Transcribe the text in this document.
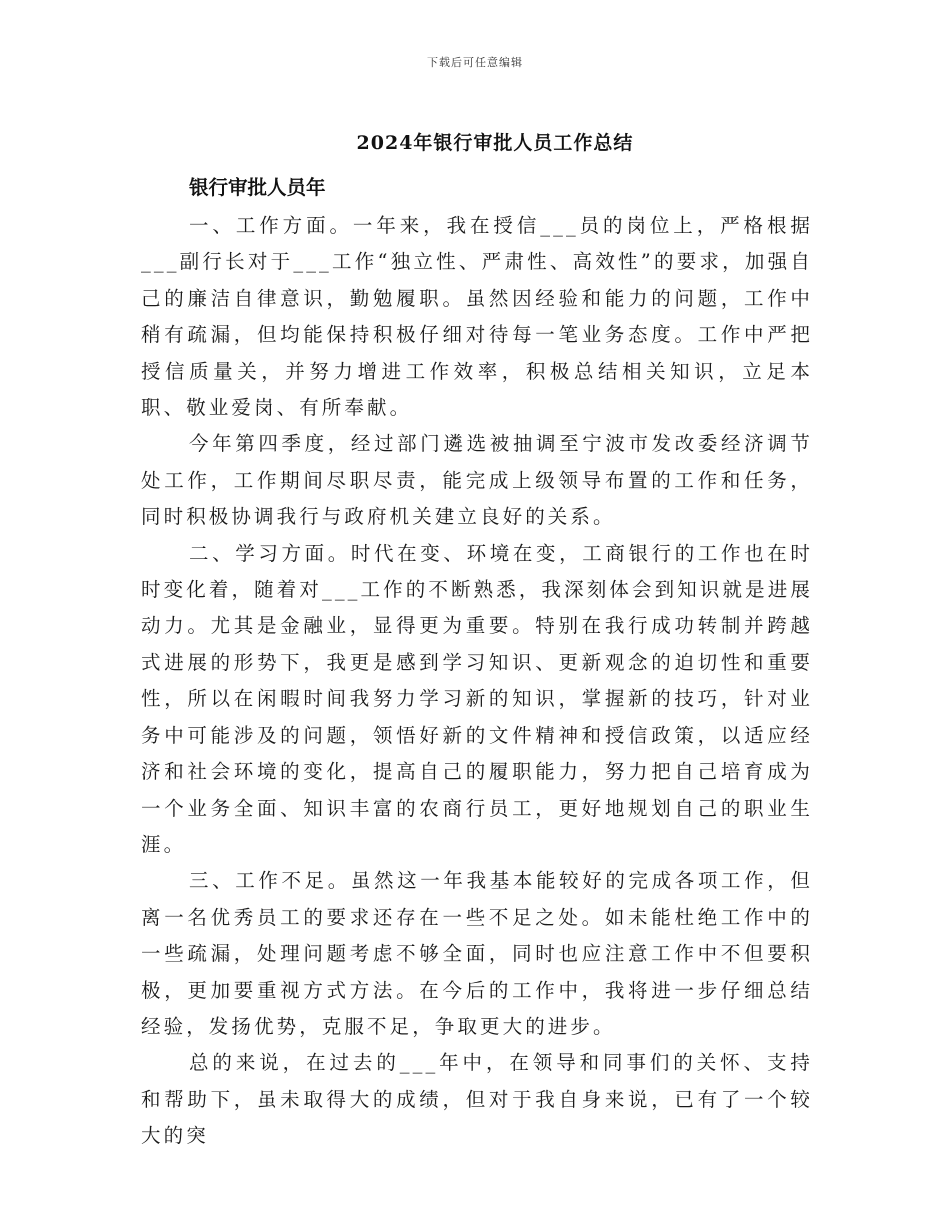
下载后可任意编辑
2024年银行审批人员工作总结

银行审批人员年

一、工作方面。一年来，我在授信___员的岗位上，严格根据___副行长对于___工作“独立性、严肃性、高效性”的要求，加强自己的廉洁自律意识，勤勉履职。虽然因经验和能力的问题，工作中稍有疏漏，但均能保持积极仔细对待每一笔业务态度。工作中严把授信质量关，并努力增进工作效率，积极总结相关知识，立足本职、敬业爱岗、有所奉献。

今年第四季度，经过部门遴选被抽调至宁波市发改委经济调节处工作，工作期间尽职尽责，能完成上级领导布置的工作和任务，同时积极协调我行与政府机关建立良好的关系。

二、学习方面。时代在变、环境在变，工商银行的工作也在时时变化着，随着对___工作的不断熟悉，我深刻体会到知识就是进展动力。尤其是金融业，显得更为重要。特别在我行成功转制并跨越式进展的形势下，我更是感到学习知识、更新观念的迫切性和重要性，所以在闲暇时间我努力学习新的知识，掌握新的技巧，针对业务中可能涉及的问题，领悟好新的文件精神和授信政策，以适应经济和社会环境的变化，提高自己的履职能力，努力把自己培育成为一个业务全面、知识丰富的农商行员工，更好地规划自己的职业生涯。

三、工作不足。虽然这一年我基本能较好的完成各项工作，但离一名优秀员工的要求还存在一些不足之处。如未能杜绝工作中的一些疏漏，处理问题考虑不够全面，同时也应注意工作中不但要积极，更加要重视方式方法。在今后的工作中，我将进一步仔细总结经验，发扬优势，克服不足，争取更大的进步。

总的来说，在过去的___年中，在领导和同事们的关怀、支持和帮助下，虽未取得大的成绩，但对于我自身来说，已有了一个较大的突
